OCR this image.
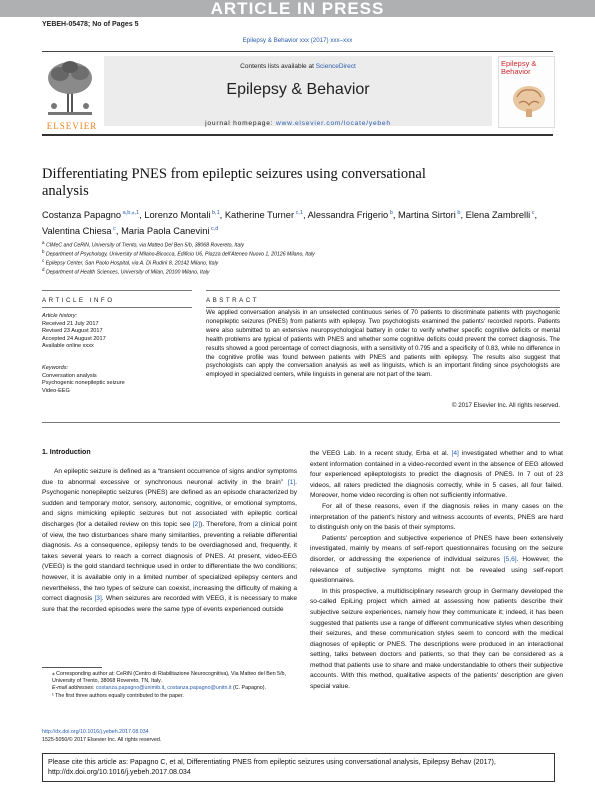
ARTICLE IN PRESS
YEBEH-05478; No of Pages 5
Epilepsy & Behavior xxx (2017) xxx–xxx
ELSEVIER
Contents lists available at ScienceDirect
Epilepsy & Behavior
journal homepage: www.elsevier.com/locate/yebeh
Epilepsy & Behavior
Differentiating PNES from epileptic seizures using conversational analysis
Costanza Papagno $^{a,b,⁎,1}$, Lorenzo Montali $^{b,1}$, Katherine Turner $^{c,1}$, Alessandra Frigerio $^b$, Martina Sirtori $^b$, Elena Zambrelli $^c$, Valentina Chiesa $^c$, Maria Paola Canevini $^{c,d}$
$^a$ CIMeC and CeRiN, University of Trento, via Matteo Del Ben 5/b, 38068 Rovereto, Italy
$^b$ Department of Psychology, University of Milano-Bicocca, Edificio U6, Piazza dell'Ateneo Nuovo 1, 20126 Milano, Italy
$^c$ Epilepsy Center, San Paolo Hospital, via A. Di Rudinì 8, 20142 Milano, Italy
$^d$ Department of Health Sciences, University of Milan, 20100 Milano, Italy
ARTICLE INFO
Article history:
Received 21 July 2017
Revised 23 August 2017
Accepted 24 August 2017
Available online xxxx
Keywords:
Conversation analysis
Psychogenic nonepileptic seizure
Video-EEG
ABSTRACT
We applied conversation analysis in an unselected continuous series of 70 patients to discriminate patients with psychogenic nonepileptic seizures (PNES) from patients with epilepsy. Two psychologists examined the patients' recorded reports. Patients were also submitted to an extensive neuropsychological battery in order to verify whether specific cognitive deficits or mental health problems are typical of patients with PNES and whether some cognitive deficits could prevent the correct diagnosis. The results showed a good percentage of correct diagnosis, with a sensitivity of 0.795 and a specificity of 0.83, while no difference in the cognitive profile was found between patients with PNES and patients with epilepsy. The results also suggest that psychologists can apply the conversation analysis as well as linguists, which is an important finding since psychologists are employed in specialized centers, while linguists in general are not part of the team.
© 2017 Elsevier Inc. All rights reserved.
1. Introduction

An epileptic seizure is defined as a “transient occurrence of signs and/or symptoms due to abnormal excessive or synchronous neuronal activity in the brain” [1]. Psychogenic nonepileptic seizures (PNES) are defined as an episode characterized by sudden and temporary motor, sensory, autonomic, cognitive, or emotional symptoms, and signs mimicking epileptic seizures but not associated with epileptic cortical discharges (for a detailed review on this topic see [2]). Therefore, from a clinical point of view, the two disturbances share many similarities, preventing a reliable differential diagnosis. As a consequence, epilepsy tends to be overdiagnosed and, frequently, it takes several years to reach a correct diagnosis of PNES. At present, video-EEG (VEEG) is the gold standard technique used in order to differentiate the two conditions; however, it is available only in a limited number of specialized epilepsy centers and nevertheless, the two types of seizure can coexist, increasing the difficulty of making a correct diagnosis [3]. When seizures are recorded with VEEG, it is necessary to make sure that the recorded episodes were the same type of events experienced outside

the VEEG Lab. In a recent study, Erba et al. [4] investigated whether and to what extent information contained in a video-recorded event in the absence of EEG allowed four experienced epileptologists to predict the diagnosis of PNES. In 7 out of 23 videos, all raters predicted the diagnosis correctly, while in 5 cases, all four failed. Moreover, home video recording is often not sufficiently informative.

For all of these reasons, even if the diagnosis relies in many cases on the interpretation of the patient's history and witness accounts of events, PNES are hard to distinguish only on the basis of their symptoms.

Patients' perception and subjective experience of PNES have been extensively investigated, mainly by means of self-report questionnaires focusing on the seizure disorder, or addressing the experience of individual seizures [5,6]. However, the relevance of subjective symptoms might not be revealed using self-report questionnaires.

In this prospective, a multidisciplinary research group in Germany developed the so-called EpiLing project which aimed at assessing how patients describe their subjective seizure experiences, namely how they communicate it; indeed, it has been suggested that patients use a range of different communicative styles when describing their seizures, and these communication styles seem to concord with the medical diagnoses of epileptic or PNES. The descriptions were produced in an interactional setting, talks between doctors and patients, so that they can be considered as a method that patients use to share and make understandable to others their subjective accounts. With this method, qualitative aspects of the patients' description are given special value.

⁎ Corresponding author at: CeRiN (Centro di Riabilitazione Neurocognitiva), Via Matteo del Ben 5/b, University of Trento, 38068 Rovereto, TN, Italy.
E-mail addresses: costanza.papagno@unimib.it, costanza.papagno@unitn.it (C. Papagno).
¹ The first three authors equally contributed to the paper.
http://dx.doi.org/10.1016/j.yebeh.2017.08.034
1525-5050/© 2017 Elsevier Inc. All rights reserved.
Please cite this article as: Papagno C, et al, Differentiating PNES from epileptic seizures using conversational analysis, Epilepsy Behav (2017),
http://dx.doi.org/10.1016/j.yebeh.2017.08.034
